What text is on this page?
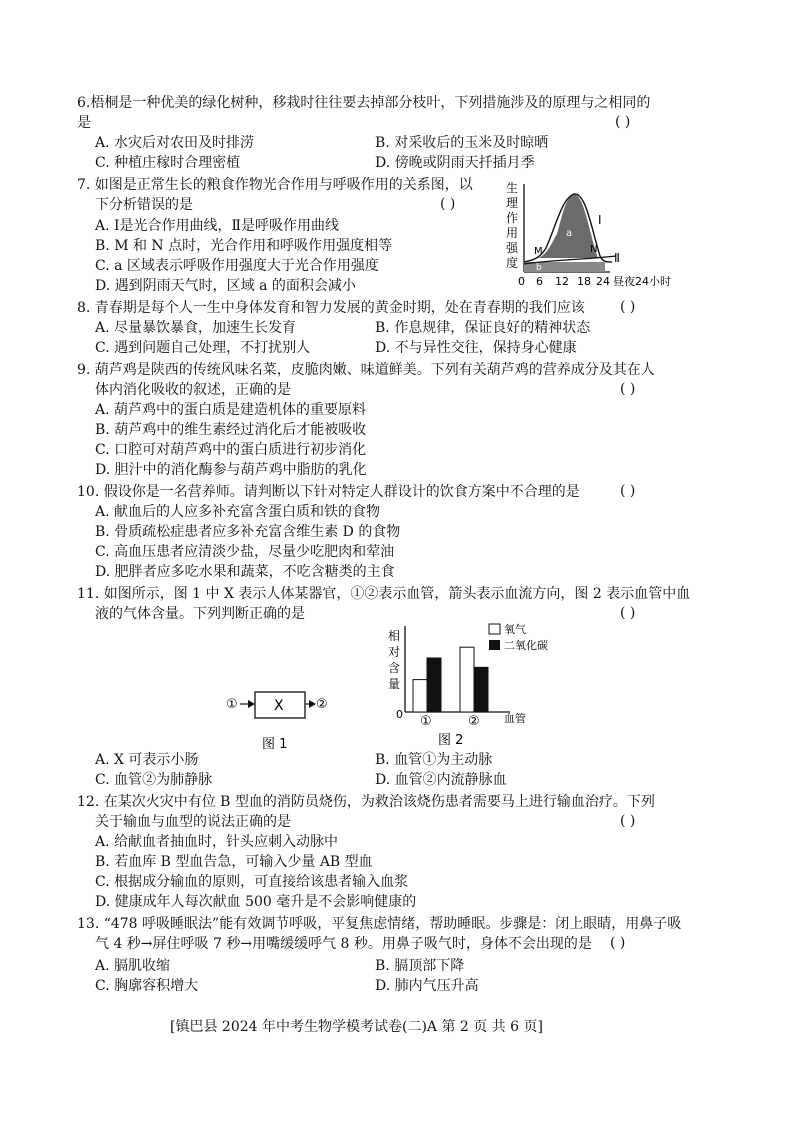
6.梧桐是一种优美的绿化树种，移栽时往往要去掉部分枝叶，下列措施涉及的原理与之相同的
是	( )
A. 水灾后对农田及时排涝	B. 对采收后的玉米及时晾晒
C. 种植庄稼时合理密植	D. 傍晚或阴雨天扦插月季
7. 如图是正常生长的粮食作物光合作用与呼吸作用的关系图，以
下分析错误的是	( )
A. Ⅰ是光合作用曲线，Ⅱ是呼吸作用曲线
B. M 和 N 点时，光合作用和呼吸作用强度相等
C. a 区域表示呼吸作用强度大于光合作用强度
D. 遇到阴雨天气时，区域 a 的面积会减小
生
理
作
用
强
度
Ⅰ
Ⅱ
M	N
a
b
0 6 12 18 24 昼夜24小时
8. 青春期是每个人一生中身体发育和智力发展的黄金时期，处在青春期的我们应该	( )
A. 尽量暴饮暴食，加速生长发育	B. 作息规律，保证良好的精神状态
C. 遇到问题自己处理，不打扰别人	D. 不与异性交往，保持身心健康
9. 葫芦鸡是陕西的传统风味名菜，皮脆肉嫩、味道鲜美。下列有关葫芦鸡的营养成分及其在人
体内消化吸收的叙述，正确的是	( )
A. 葫芦鸡中的蛋白质是建造机体的重要原料
B. 葫芦鸡中的维生素经过消化后才能被吸收
C. 口腔可对葫芦鸡中的蛋白质进行初步消化
D. 胆汁中的消化酶参与葫芦鸡中脂肪的乳化
10. 假设你是一名营养师。请判断以下针对特定人群设计的饮食方案中不合理的是	( )
A. 献血后的人应多补充富含蛋白质和铁的食物
B. 骨质疏松症患者应多补充富含维生素 D 的食物
C. 高血压患者应清淡少盐，尽量少吃肥肉和荤油
D. 肥胖者应多吃水果和蔬菜，不吃含糖类的主食
11. 如图所示，图 1 中 X 表示人体某器官，①②表示血管，箭头表示血流方向，图 2 表示血管中血
液的气体含量。下列判断正确的是	( )
①	X ②
图 1
相
对
含
量
0
氧气
二氧化碳
①	② 血管
图 2
A. X 可表示小肠	B. 血管①为主动脉
C. 血管②为肺静脉	D. 血管②内流静脉血
12. 在某次火灾中有位 B 型血的消防员烧伤，为救治该烧伤患者需要马上进行输血治疗。下列
关于输血与血型的说法正确的是	( )
A. 给献血者抽血时，针头应刺入动脉中
B. 若血库 B 型血告急，可输入少量 AB 型血
C. 根据成分输血的原则，可直接给该患者输入血浆
D. 健康成年人每次献血 500 毫升是不会影响健康的
13. “478 呼吸睡眠法”能有效调节呼吸，平复焦虑情绪，帮助睡眠。步骤是：闭上眼睛，用鼻子吸
气 4 秒→屏住呼吸 7 秒→用嘴缓缓呼气 8 秒。用鼻子吸气时，身体不会出现的是 ( )
A. 膈肌收缩	B. 膈顶部下降
C. 胸廓容积增大	D. 肺内气压升高
[镇巴县 2024 年中考生物学模考试卷(二)A 第 2 页 共 6 页]
